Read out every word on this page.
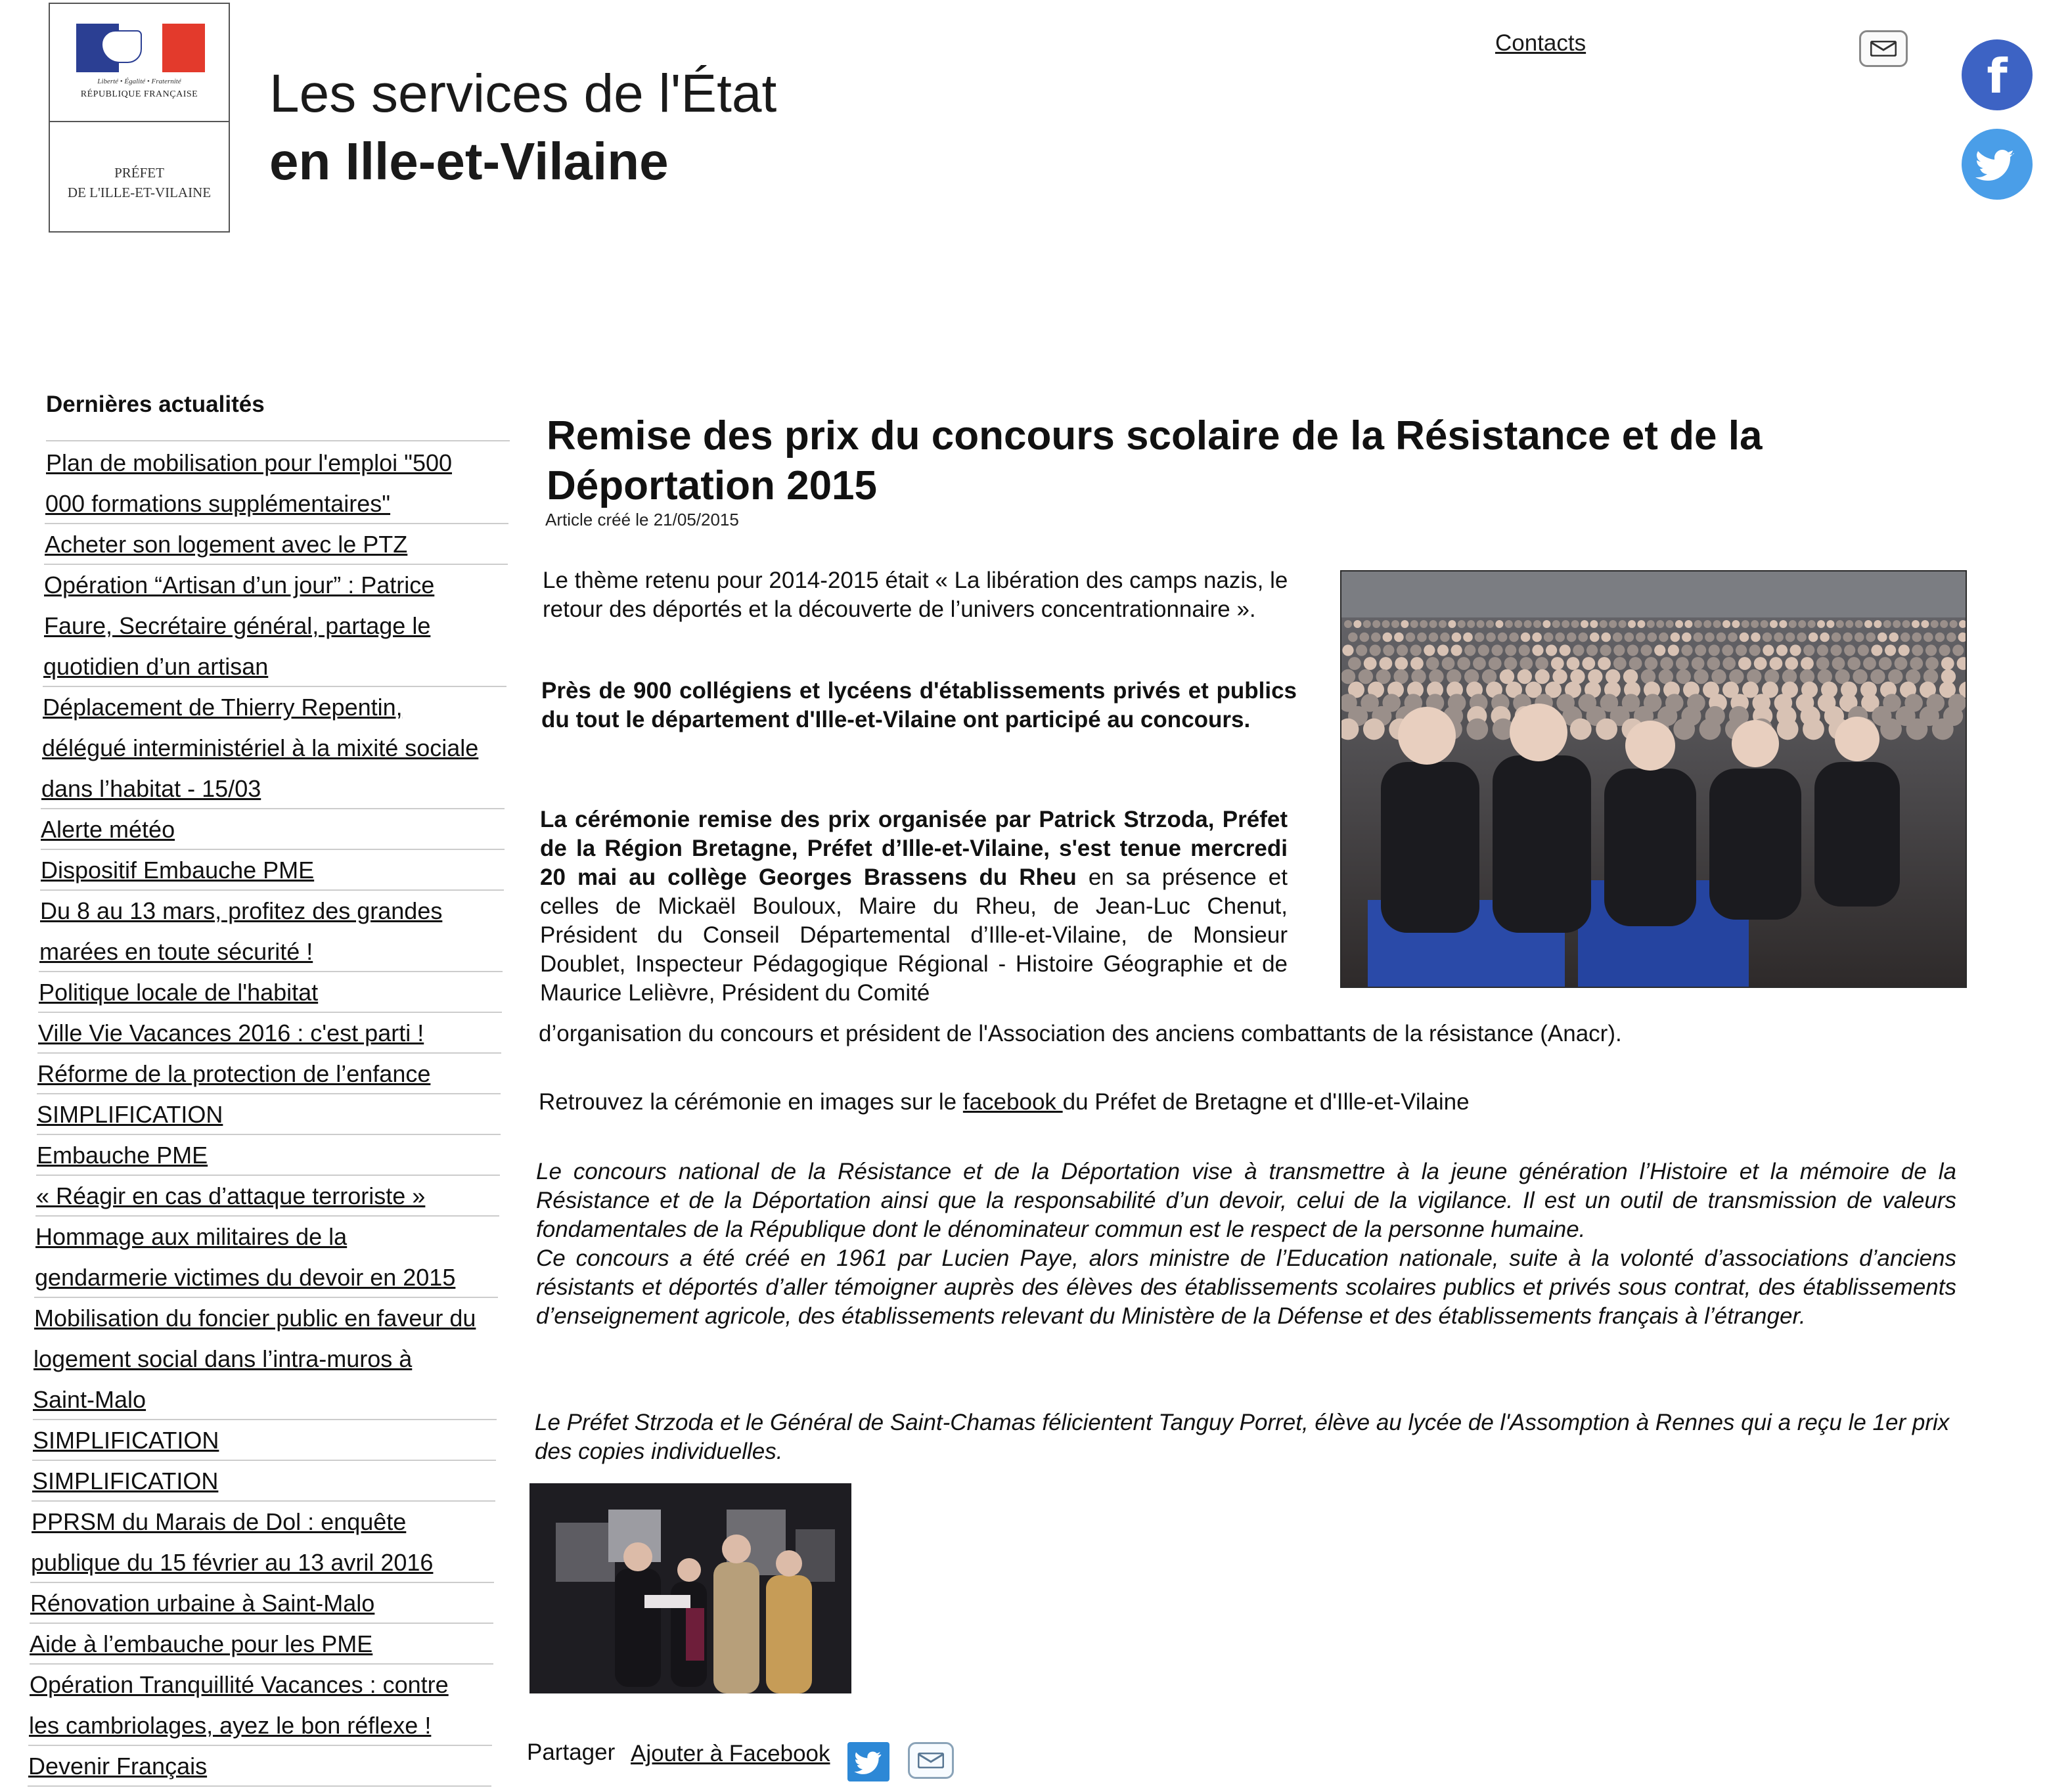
Liberté • Égalité • Fraternité
RÉPUBLIQUE FRANÇAISE
PRÉFET
DE L'ILLE-ET-VILAINE
Les services de l'État
en Ille-et-Vilaine
Contacts
f
Dernières actualités
Plan de mobilisation pour l'emploi "500
000 formations supplémentaires"
Acheter son logement avec le PTZ
Opération “Artisan d’un jour” : Patrice
Faure, Secrétaire général, partage le
quotidien d’un artisan
Déplacement de Thierry Repentin,
délégué interministériel à la mixité sociale
dans l’habitat - 15/03
Alerte météo
Dispositif Embauche PME
Du 8 au 13 mars, profitez des grandes
marées en toute sécurité !
Politique locale de l'habitat
Ville Vie Vacances 2016 : c'est parti !
Réforme de la protection de l’enfance
SIMPLIFICATION
Embauche PME
« Réagir en cas d’attaque terroriste »
Hommage aux militaires de la
gendarmerie victimes du devoir en 2015
Mobilisation du foncier public en faveur du
logement social dans l’intra-muros à
Saint-Malo
SIMPLIFICATION
SIMPLIFICATION
PPRSM du Marais de Dol : enquête
publique du 15 février au 13 avril 2016
Rénovation urbaine à Saint-Malo
Aide à l’embauche pour les PME
Opération Tranquillité Vacances : contre
les cambriolages, ayez le bon réflexe !
Devenir Français
Remise des prix du concours scolaire de la Résistance et de la Déportation 2015
Article créé le 21/05/2015
Le thème retenu pour 2014-2015 était « La libération des camps nazis, le retour des déportés et la découverte de l’univers concentrationnaire ».
Près de 900 collégiens et lycéens d'établissements privés et publics du tout le département d'Ille-et-Vilaine ont participé au concours.
La cérémonie remise des prix organisée par Patrick Strzoda, Préfet de la Région Bretagne, Préfet d’Ille-et-Vilaine, s'est tenue mercredi 20 mai au collège Georges Brassens du Rheu en sa présence et celles de Mickaël Bouloux, Maire du Rheu, de Jean-Luc Chenut, Président du Conseil Départemental d’Ille-et-Vilaine, de Monsieur Doublet, Inspecteur Pédagogique Régional - Histoire Géographie et de Maurice Lelièvre, Président du Comité
d’organisation du concours et président de l'Association des anciens combattants de la résistance (Anacr).
Retrouvez la cérémonie en images sur le facebook du Préfet de Bretagne et d'Ille-et-Vilaine
Le concours national de la Résistance et de la Déportation vise à transmettre à la jeune génération l’Histoire et la mémoire de la Résistance et de la Déportation ainsi que la responsabilité d’un devoir, celui de la vigilance. Il est un outil de transmission de valeurs fondamentales de la République dont le dénominateur commun est le respect de la personne humaine.
Ce concours a été créé en 1961 par Lucien Paye, alors ministre de l’Education nationale, suite à la volonté d’associations d’anciens résistants et déportés d’aller témoigner auprès des élèves des établissements scolaires publics et privés sous contrat, des établissements d’enseignement agricole, des établissements relevant du Ministère de la Défense et des établissements français à l’étranger.
Le Préfet Strzoda et le Général de Saint-Chamas félicientent Tanguy Porret, élève au lycée de l'Assomption à Rennes qui a reçu le 1er prix des copies individuelles.
Partager Ajouter à Facebook
